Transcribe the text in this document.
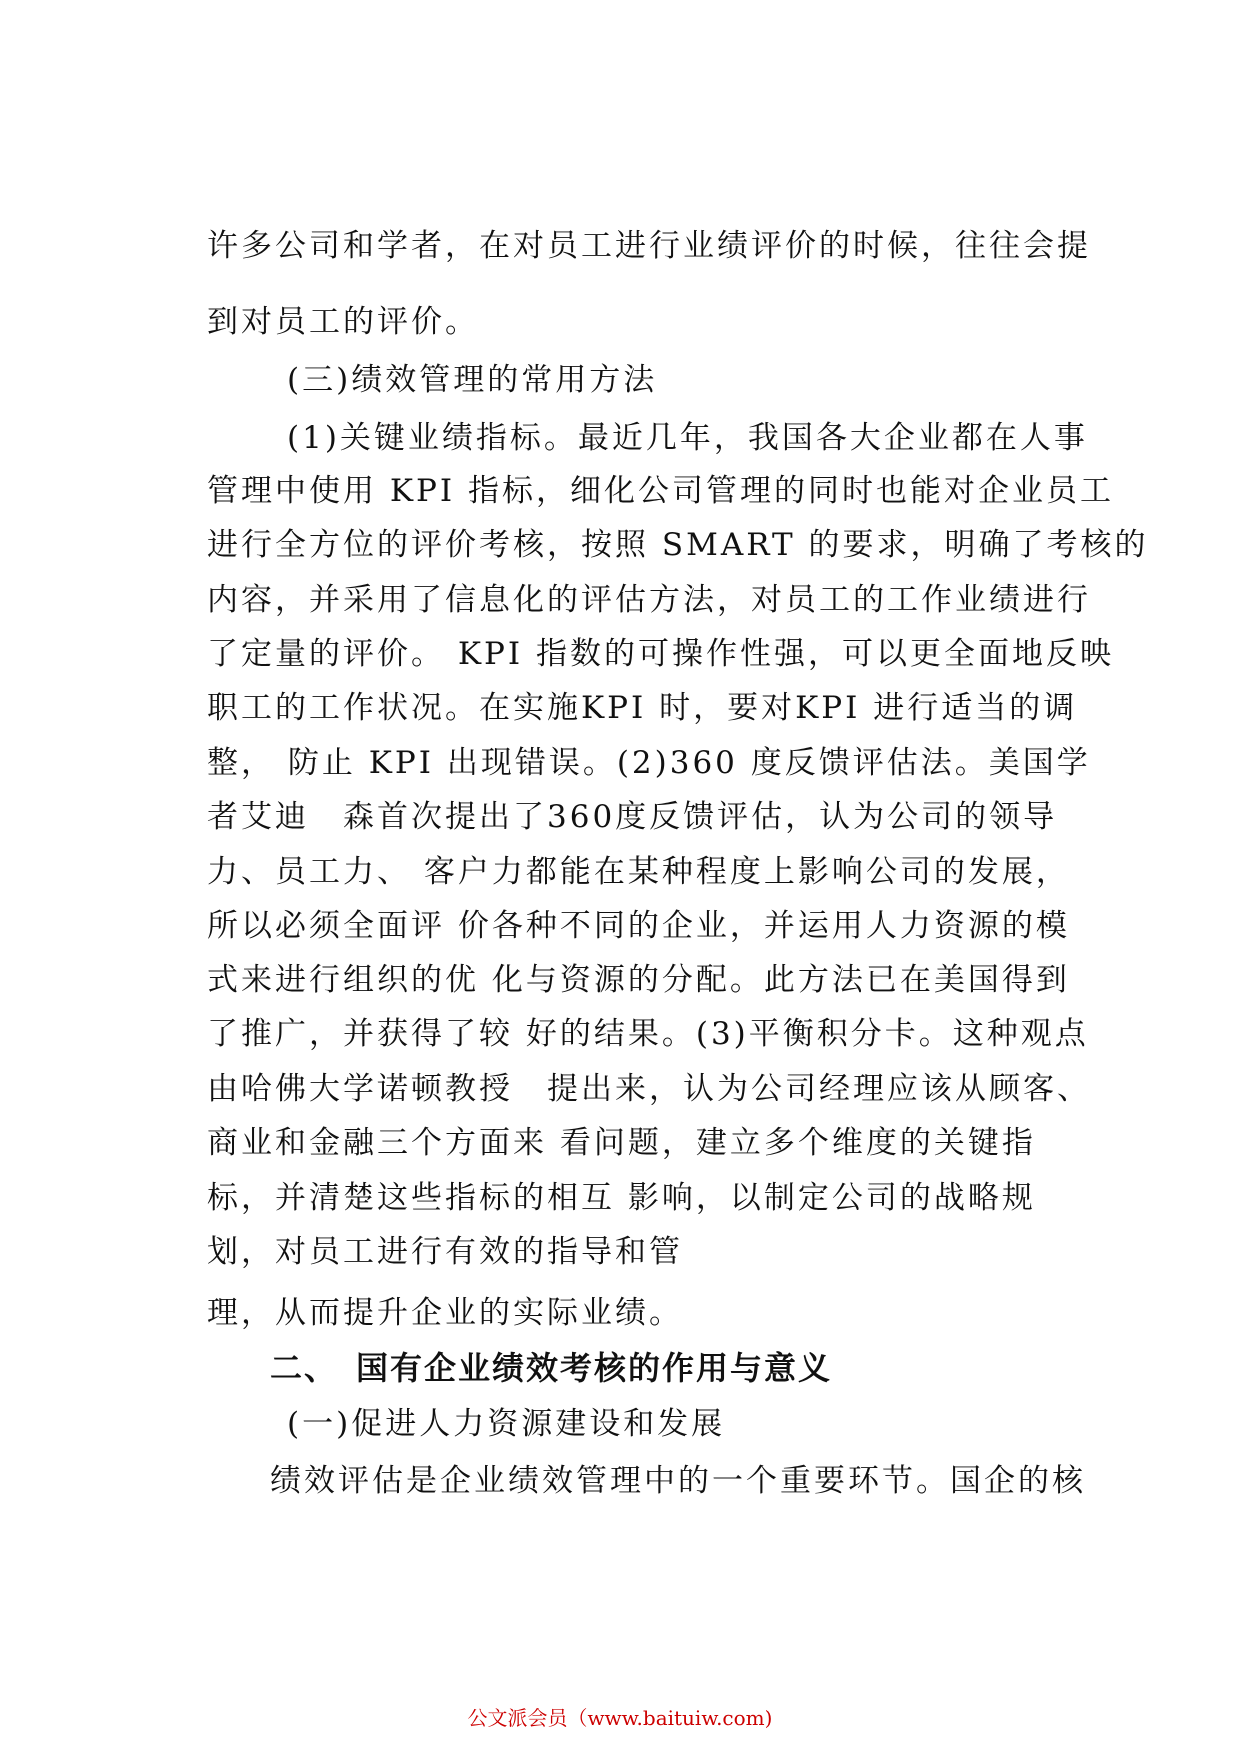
许多公司和学者，在对员工进行业绩评价的时候，往往会提
到对员工的评价。
(三)绩效管理的常用方法
(1)关键业绩指标。最近几年，我国各大企业都在人事
管理中使用 KPI 指标，细化公司管理的同时也能对企业员工
进行全方位的评价考核，按照 SMART 的要求，明确了考核的
内容，并采用了信息化的评估方法，对员工的工作业绩进行
了定量的评价。 KPI 指数的可操作性强，可以更全面地反映
职工的工作状况。在实施KPI 时，要对KPI 进行适当的调
整， 防止 KPI 出现错误。(2)360 度反馈评估法。美国学
者艾迪　森首次提出了360度反馈评估，认为公司的领导
力、员工力、 客户力都能在某种程度上影响公司的发展，
所以必须全面评 价各种不同的企业，并运用人力资源的模
式来进行组织的优 化与资源的分配。此方法已在美国得到
了推广，并获得了较 好的结果。(3)平衡积分卡。这种观点
由哈佛大学诺顿教授　提出来，认为公司经理应该从顾客、
商业和金融三个方面来 看问题，建立多个维度的关键指
标，并清楚这些指标的相互 影响，以制定公司的战略规
划，对员工进行有效的指导和管
理，从而提升企业的实际业绩。
二、　国有企业绩效考核的作用与意义
(一)促进人力资源建设和发展
绩效评估是企业绩效管理中的一个重要环节。国企的核
公文派会员（www.baituiw.com)
